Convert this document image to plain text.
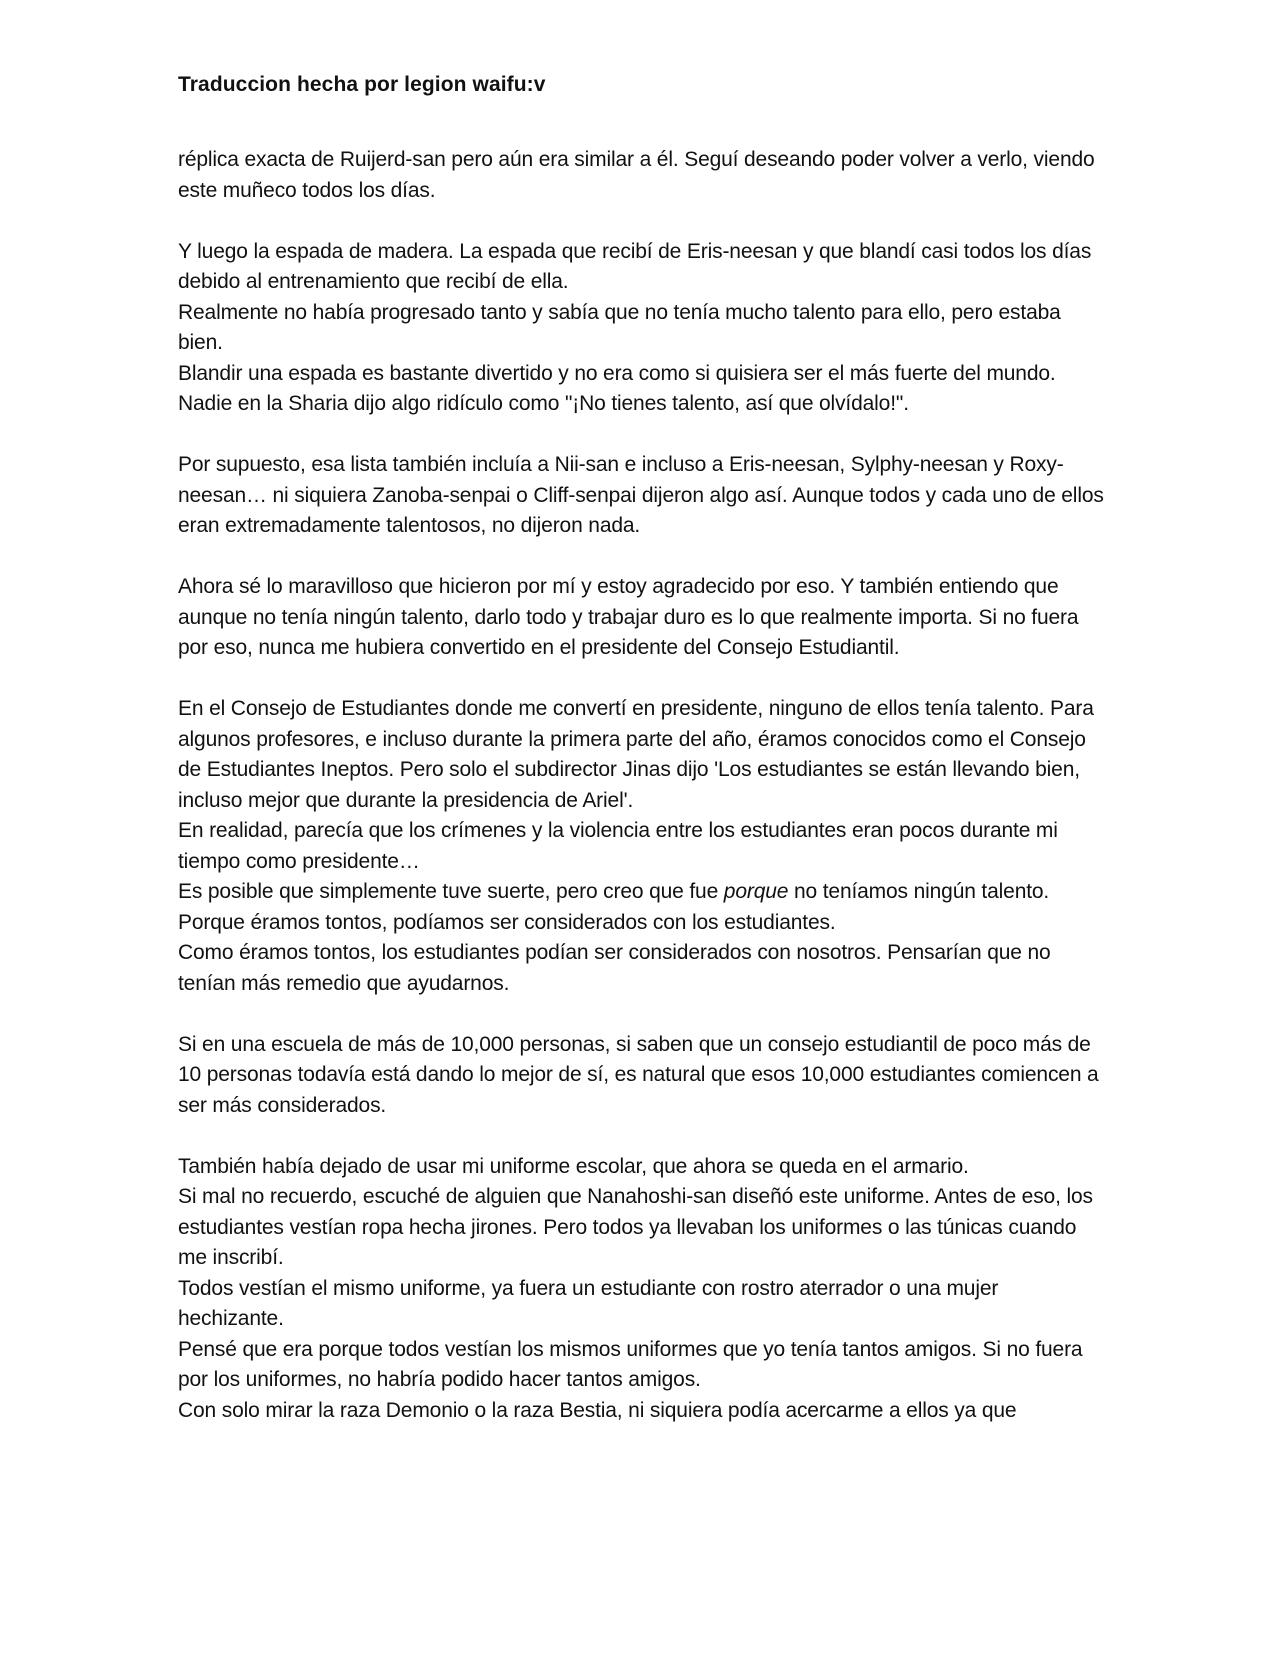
Traduccion hecha por legion waifu:v

réplica exacta de Ruijerd-san pero aún era similar a él. Seguí deseando poder volver a verlo, viendo este muñeco todos los días.

Y luego la espada de madera. La espada que recibí de Eris-neesan y que blandí casi todos los días debido al entrenamiento que recibí de ella.
Realmente no había progresado tanto y sabía que no tenía mucho talento para ello, pero estaba bien.
Blandir una espada es bastante divertido y no era como si quisiera ser el más fuerte del mundo. Nadie en la Sharia dijo algo ridículo como "¡No tienes talento, así que olvídalo!".

Por supuesto, esa lista también incluía a Nii-san e incluso a Eris-neesan, Sylphy-neesan y Roxy-neesan… ni siquiera Zanoba-senpai o Cliff-senpai dijeron algo así. Aunque todos y cada uno de ellos eran extremadamente talentosos, no dijeron nada.

Ahora sé lo maravilloso que hicieron por mí y estoy agradecido por eso. Y también entiendo que aunque no tenía ningún talento, darlo todo y trabajar duro es lo que realmente importa. Si no fuera por eso, nunca me hubiera convertido en el presidente del Consejo Estudiantil.

En el Consejo de Estudiantes donde me convertí en presidente, ninguno de ellos tenía talento. Para algunos profesores, e incluso durante la primera parte del año, éramos conocidos como el Consejo de Estudiantes Ineptos. Pero solo el subdirector Jinas dijo 'Los estudiantes se están llevando bien, incluso mejor que durante la presidencia de Ariel'.
En realidad, parecía que los crímenes y la violencia entre los estudiantes eran pocos durante mi tiempo como presidente…
Es posible que simplemente tuve suerte, pero creo que fue porque no teníamos ningún talento.
Porque éramos tontos, podíamos ser considerados con los estudiantes.
Como éramos tontos, los estudiantes podían ser considerados con nosotros. Pensarían que no tenían más remedio que ayudarnos.

Si en una escuela de más de 10,000 personas, si saben que un consejo estudiantil de poco más de 10 personas todavía está dando lo mejor de sí, es natural que esos 10,000 estudiantes comiencen a ser más considerados.

También había dejado de usar mi uniforme escolar, que ahora se queda en el armario.
Si mal no recuerdo, escuché de alguien que Nanahoshi-san diseñó este uniforme. Antes de eso, los estudiantes vestían ropa hecha jirones. Pero todos ya llevaban los uniformes o las túnicas cuando me inscribí.
Todos vestían el mismo uniforme, ya fuera un estudiante con rostro aterrador o una mujer hechizante.
Pensé que era porque todos vestían los mismos uniformes que yo tenía tantos amigos. Si no fuera por los uniformes, no habría podido hacer tantos amigos.
Con solo mirar la raza Demonio o la raza Bestia, ni siquiera podía acercarme a ellos ya que
